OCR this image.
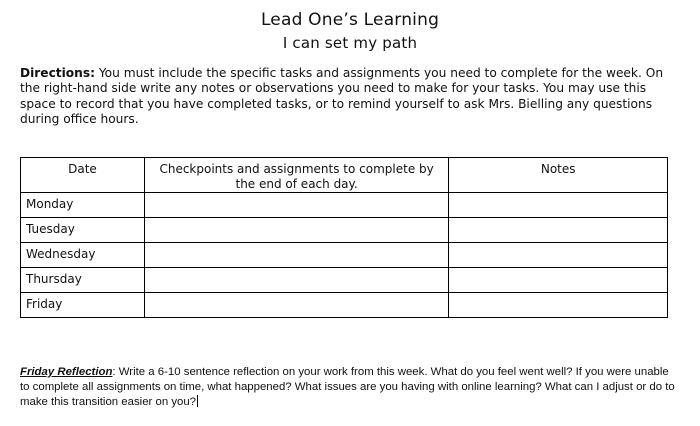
Lead One’s Learning
I can set my path
Directions: You must include the specific tasks and assignments you need to complete for the week. On the right-hand side write any notes or observations you need to make for your tasks. You may use this space to record that you have completed tasks, or to remind yourself to ask Mrs. Bielling any questions during office hours.
Date	Checkpoints and assignments to complete by the end of each day.	Notes
Monday		
Tuesday		
Wednesday		
Thursday		
Friday		
Friday Reflection: Write a 6-10 sentence reflection on your work from this week. What do you feel went well? If you were unable to complete all assignments on time, what happened? What issues are you having with online learning? What can I adjust or do to make this transition easier on you?
